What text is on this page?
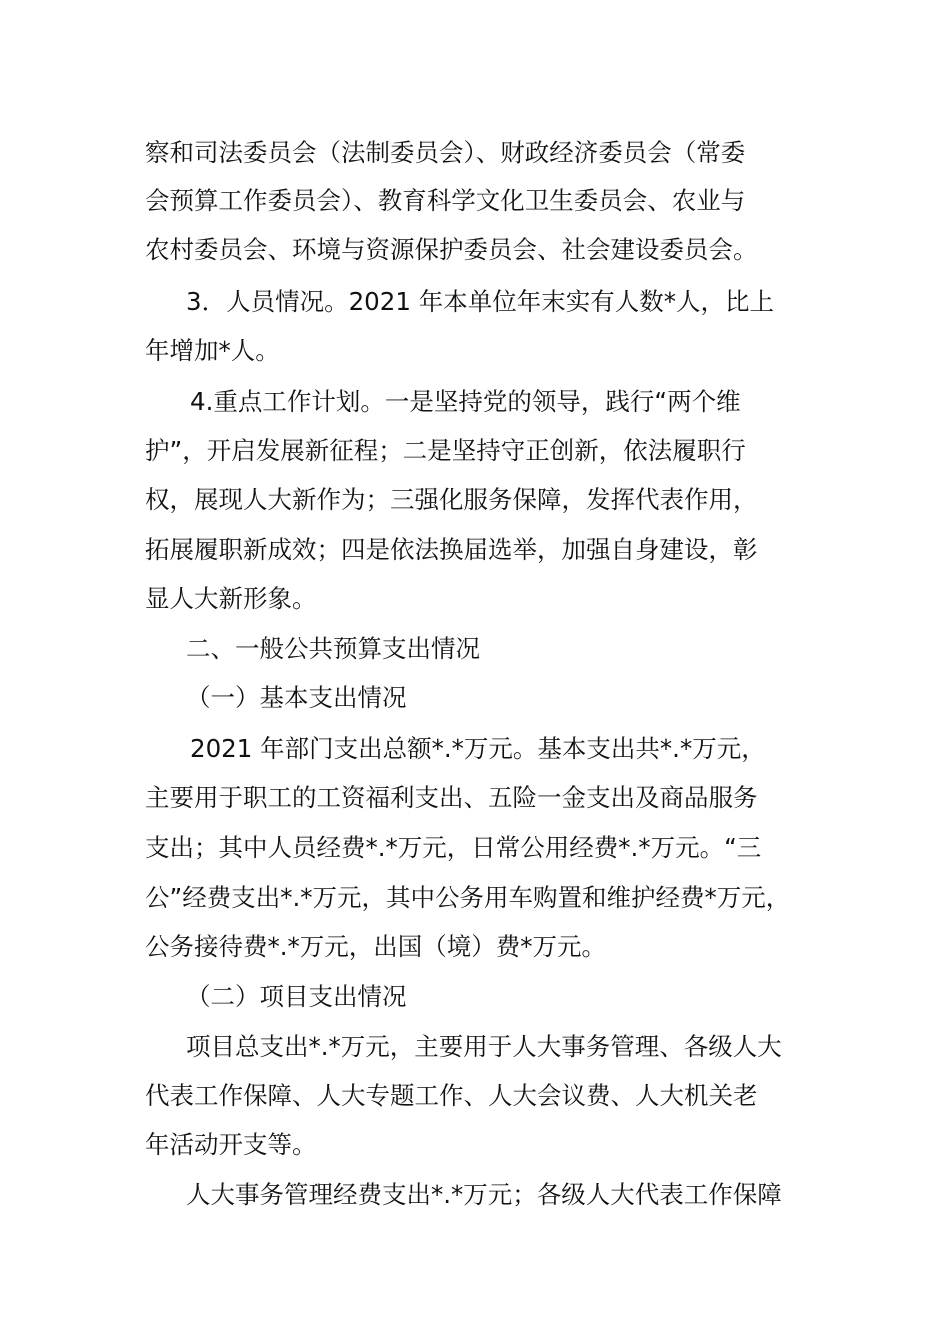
察和司法委员会（法制委员会）、财政经济委员会（常委
会预算工作委员会）、教育科学文化卫生委员会、农业与
农村委员会、环境与资源保护委员会、社会建设委员会。
3．人员情况。2021 年本单位年末实有人数*人，比上
年增加*人。
4.重点工作计划。一是坚持党的领导，践行“两个维
护”，开启发展新征程；二是坚持守正创新，依法履职行
权，展现人大新作为；三强化服务保障，发挥代表作用，
拓展履职新成效；四是依法换届选举，加强自身建设，彰
显人大新形象。
二、一般公共预算支出情况
（一）基本支出情况
2021 年部门支出总额*.*万元。基本支出共*.*万元，
主要用于职工的工资福利支出、五险一金支出及商品服务
支出；其中人员经费*.*万元，日常公用经费*.*万元。“三
公”经费支出*.*万元，其中公务用车购置和维护经费*万元，
公务接待费*.*万元，出国（境）费*万元。
（二）项目支出情况
项目总支出*.*万元，主要用于人大事务管理、各级人大
代表工作保障、人大专题工作、人大会议费、人大机关老
年活动开支等。
人大事务管理经费支出*.*万元；各级人大代表工作保障
